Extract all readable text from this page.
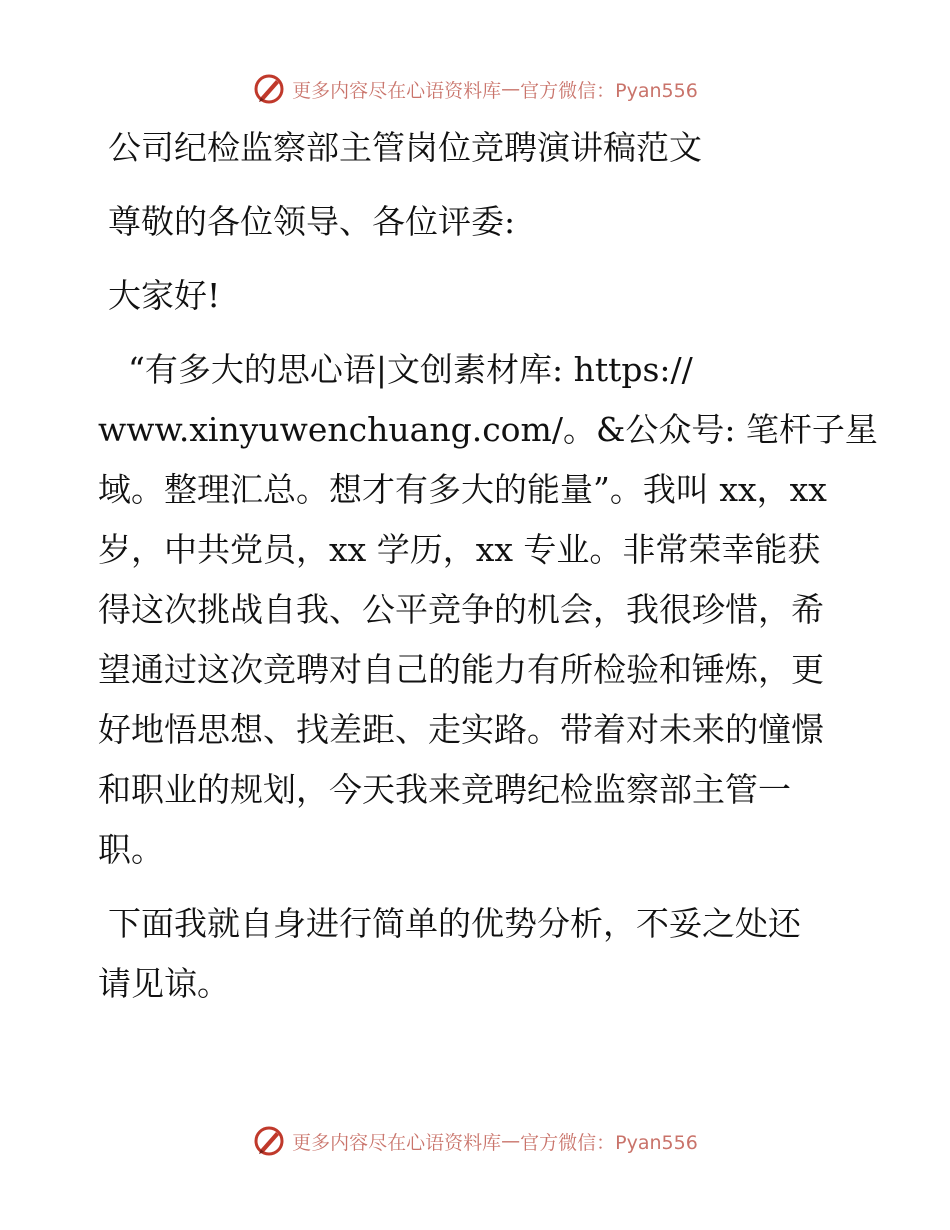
更多内容尽在心语资料库 — 官方微信：Pyan556

公司纪检监察部主管岗位竞聘演讲稿范文

尊敬的各位领导、各位评委:

大家好!

“有多大的思心语|文创素材库: https://

www.xinyuwenchuang.com/。&公众号: 笔杆子星

域。整理汇总。想才有多大的能量”。我叫 xx，xx

岁，中共党员，xx 学历，xx 专业。非常荣幸能获

得这次挑战自我、公平竞争的机会，我很珍惜，希

望通过这次竞聘对自己的能力有所检验和锤炼，更

好地悟思想、找差距、走实路。带着对未来的憧憬

和职业的规划，今天我来竞聘纪检监察部主管一

职。

下面我就自身进行简单的优势分析，不妥之处还

请见谅。

更多内容尽在心语资料库 — 官方微信：Pyan556
